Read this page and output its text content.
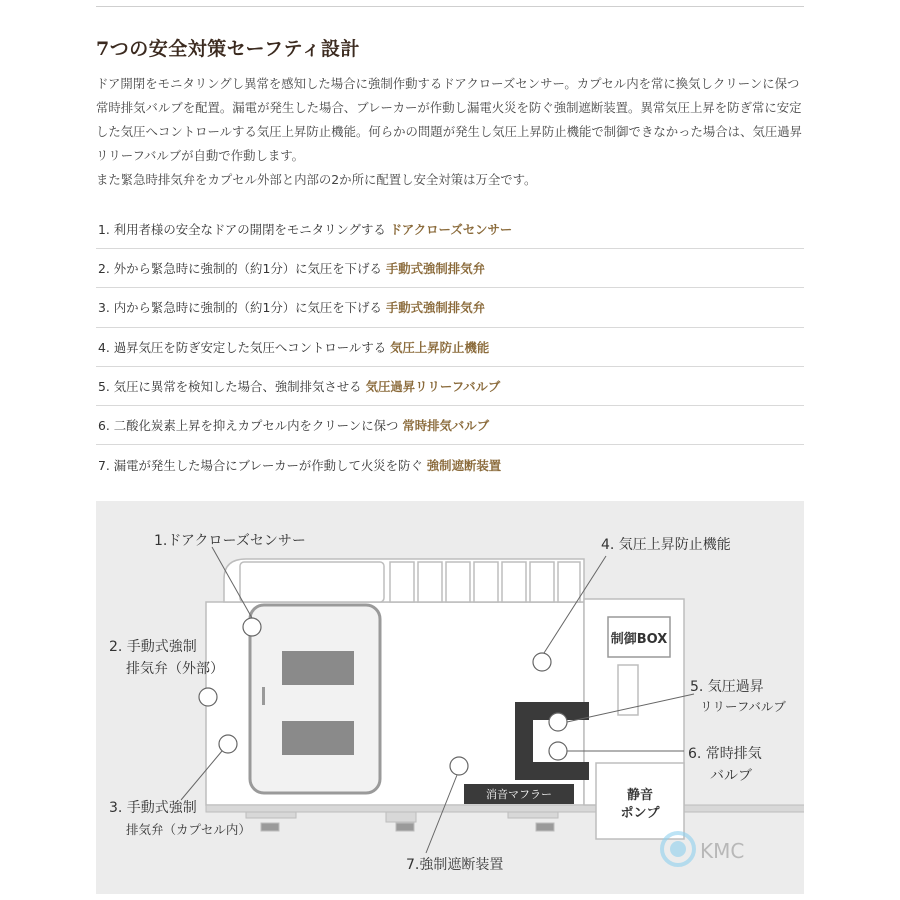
7つの安全対策セーフティ設計

ドア開閉をモニタリングし異常を感知した場合に強制作動するドアクローズセンサー。カプセル内を常に換気しクリーンに保つ常時排気バルブを配置。漏電が発生した場合、ブレーカーが作動し漏電火災を防ぐ強制遮断装置。異常気圧上昇を防ぎ常に安定した気圧へコントロールする気圧上昇防止機能。何らかの問題が発生し気圧上昇防止機能で制御できなかった場合は、気圧過昇リリーフバルブが自動で作動します。

また緊急時排気弁をカプセル外部と内部の2か所に配置し安全対策は万全です。

1. 利用者様の安全なドアの開閉をモニタリングする ドアクローズセンサー
2. 外から緊急時に強制的（約1分）に気圧を下げる 手動式強制排気弁
3. 内から緊急時に強制的（約1分）に気圧を下げる 手動式強制排気弁
4. 過昇気圧を防ぎ安定した気圧へコントロールする 気圧上昇防止機能
5. 気圧に異常を検知した場合、強制排気させる 気圧過昇リリーフバルブ
6. 二酸化炭素上昇を抑えカプセル内をクリーンに保つ 常時排気バルブ
7. 漏電が発生した場合にブレーカーが作動して火災を防ぐ 強制遮断装置
制御BOX
静音
ポンプ
消音マフラー
1.ドアクローズセンサー
2. 手動式強制
排気弁（外部）
3. 手動式強制
排気弁（カプセル内）
4. 気圧上昇防止機能
5. 気圧過昇
リリーフバルブ
6. 常時排気
バルブ
7.強制遮断装置
KMC
